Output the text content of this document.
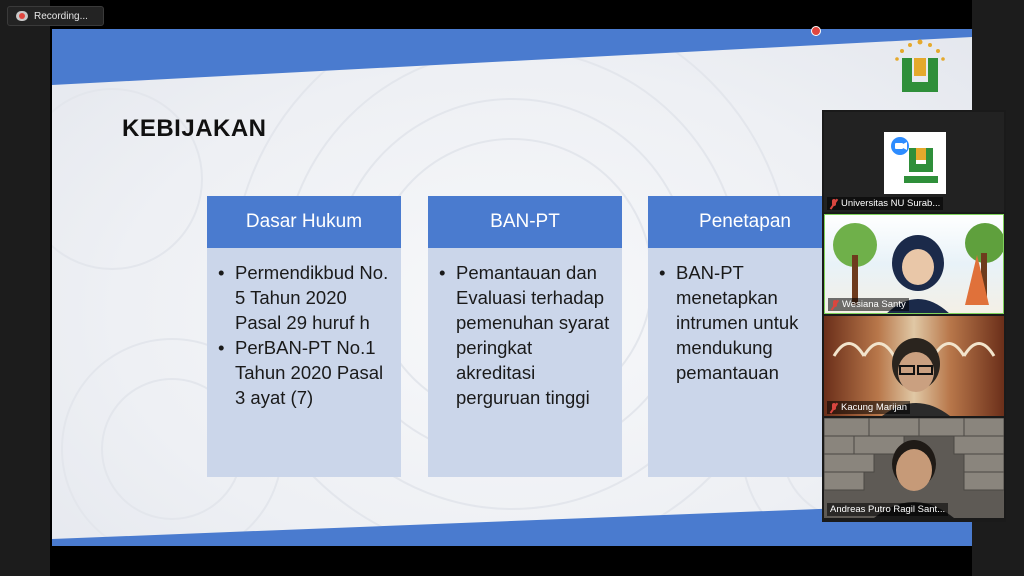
Recording...
KEBIJAKAN
Dasar Hukum
• Permendikbud No. 5 Tahun 2020 Pasal 29 huruf h
• PerBAN-PT No.1 Tahun 2020 Pasal 3 ayat (7)
BAN-PT
• Pemantauan dan Evaluasi terhadap pemenuhan syarat peringkat akreditasi perguruan tinggi
Penetapan
• BAN-PT menetapkan intrumen untuk mendukung pemantauan
Universitas NU Surab...
Wesiana Santy
Kacung Marijan
Andreas Putro Ragil Sant...
